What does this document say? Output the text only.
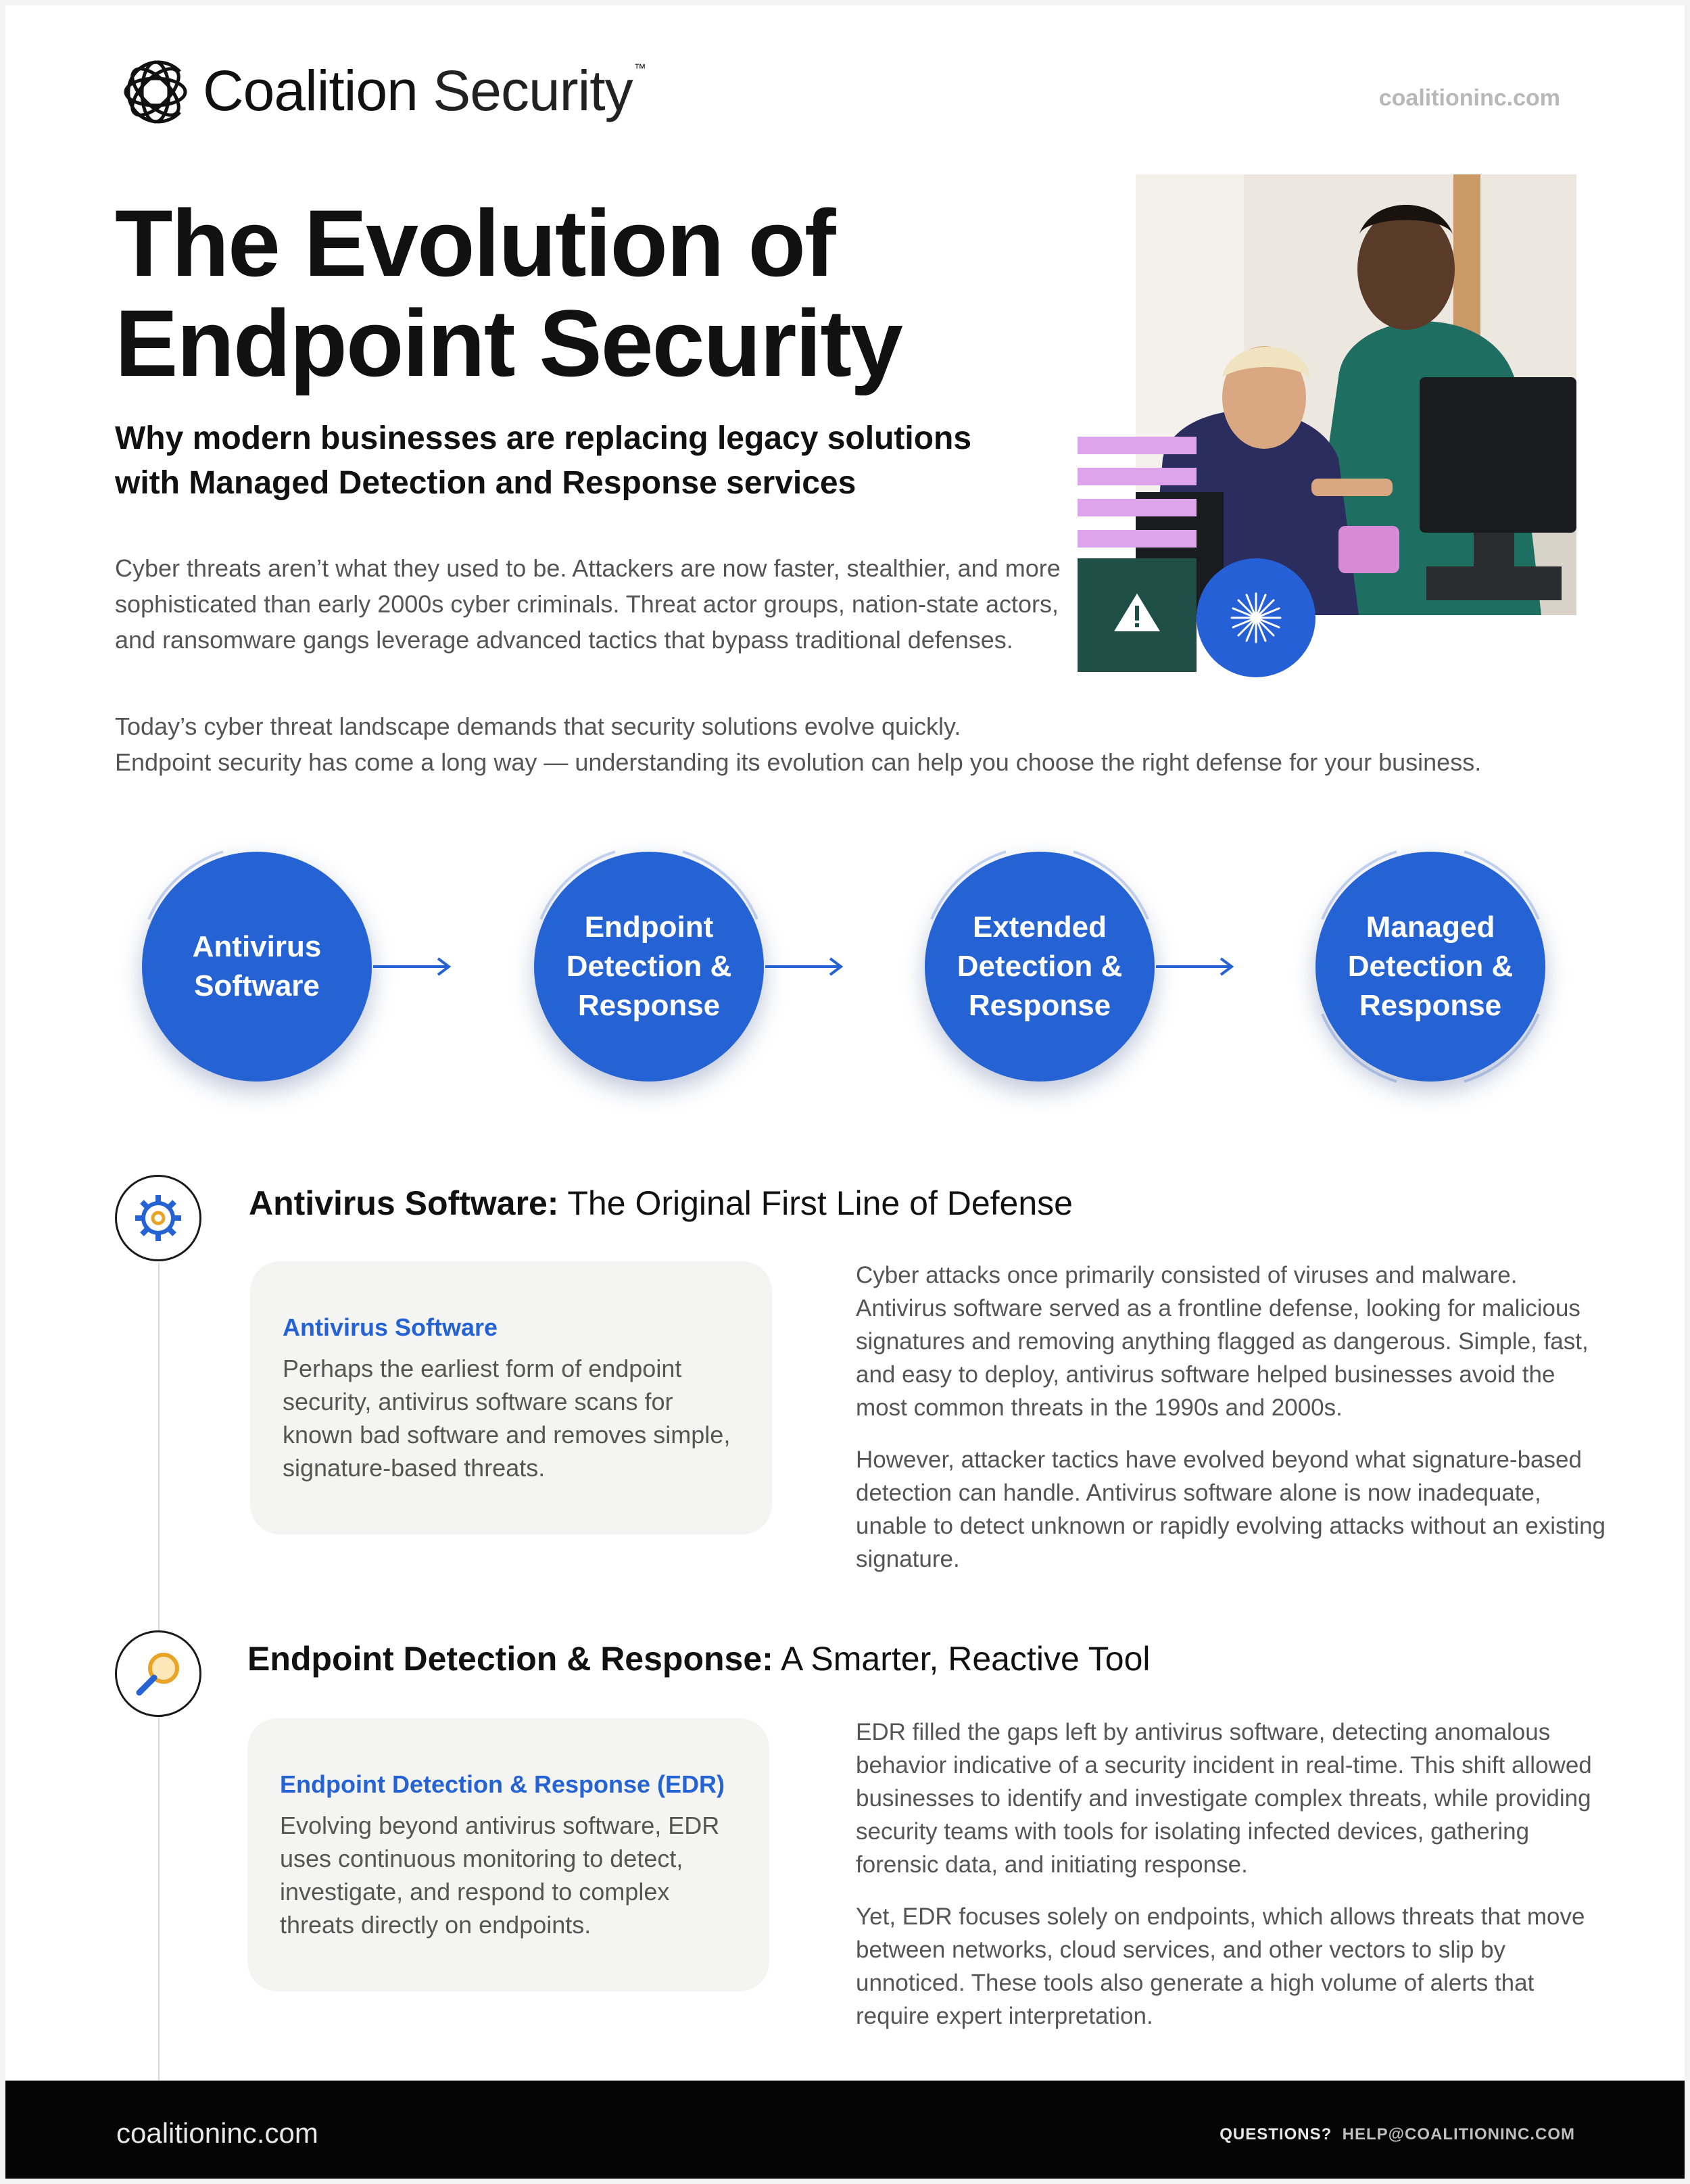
Coalition Security ™
coalitioninc.com
The Evolution of
Endpoint Security
Why modern businesses are replacing legacy solutions
with Managed Detection and Response services
Cyber threats aren’t what they used to be. Attackers are now faster, stealthier, and more sophisticated than early 2000s cyber criminals. Threat actor groups, nation-state actors, and ransomware gangs leverage advanced tactics that bypass traditional defenses.
Today’s cyber threat landscape demands that security solutions evolve quickly.
Endpoint security has come a long way — understanding its evolution can help you choose the right defense for your business.
Antivirus
Software
Endpoint
Detection &
Response
Extended
Detection &
Response
Managed
Detection &
Response
Antivirus Software: The Original First Line of Defense
Antivirus Software
Perhaps the earliest form of endpoint security, antivirus software scans for known bad software and removes simple, signature-based threats.

Cyber attacks once primarily consisted of viruses and malware. Antivirus software served as a frontline defense, looking for malicious signatures and removing anything flagged as dangerous. Simple, fast, and easy to deploy, antivirus software helped businesses avoid the most common threats in the 1990s and 2000s.

However, attacker tactics have evolved beyond what signature-based detection can handle. Antivirus software alone is now inadequate, unable to detect unknown or rapidly evolving attacks without an existing signature.

Endpoint Detection & Response: A Smarter, Reactive Tool
Endpoint Detection & Response (EDR)
Evolving beyond antivirus software, EDR uses continuous monitoring to detect, investigate, and respond to complex threats directly on endpoints.

EDR filled the gaps left by antivirus software, detecting anomalous behavior indicative of a security incident in real-time. This shift allowed businesses to identify and investigate complex threats, while providing security teams with tools for isolating infected devices, gathering forensic data, and initiating response.

Yet, EDR focuses solely on endpoints, which allows threats that move between networks, cloud services, and other vectors to slip by unnoticed. These tools also generate a high volume of alerts that require expert interpretation.

coalitioninc.com	QUESTIONS? HELP@COALITIONINC.COM
